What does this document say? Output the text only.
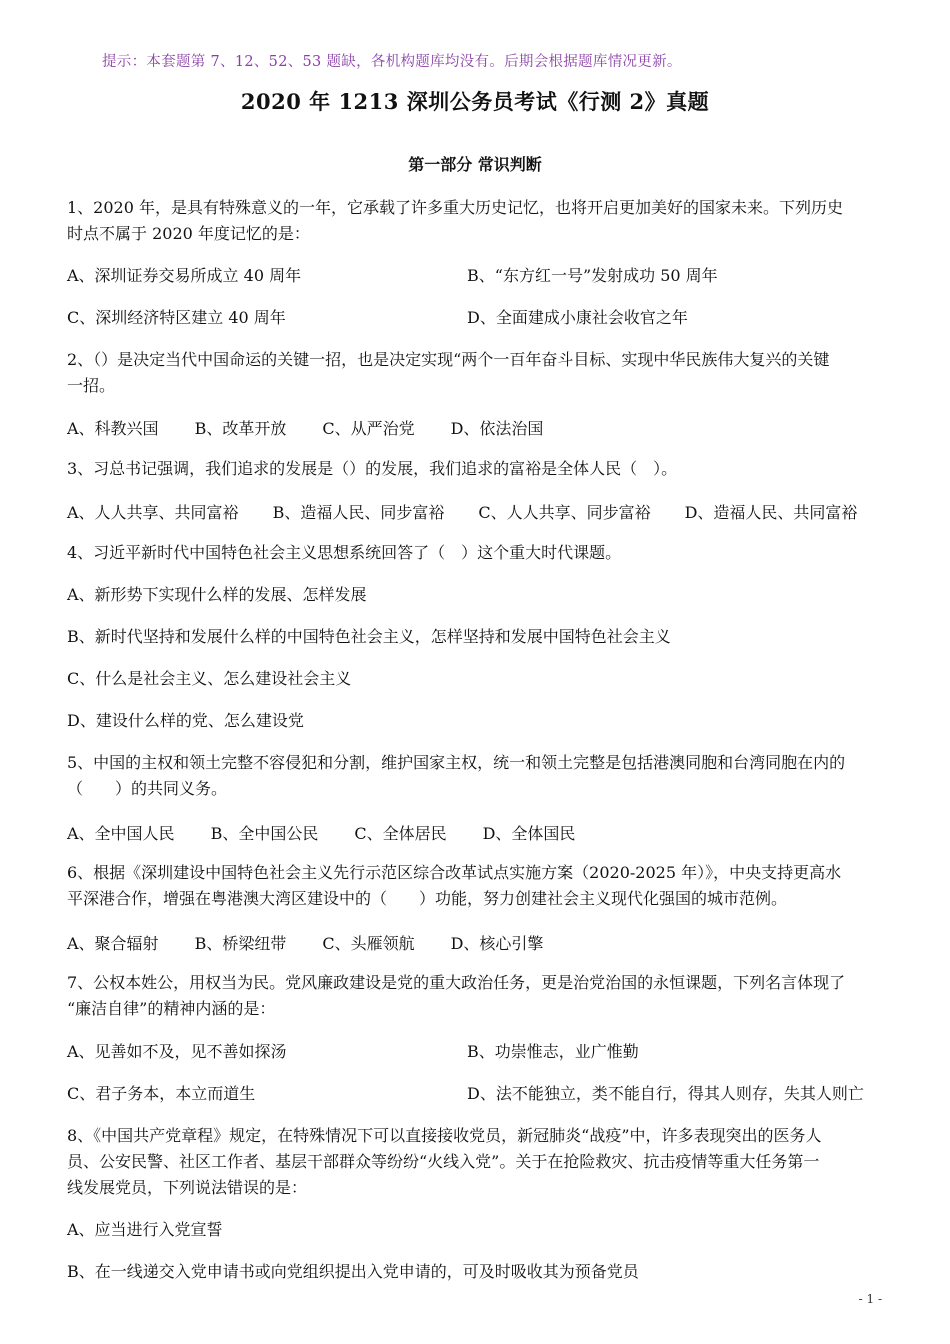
提示：本套题第 7、12、52、53 题缺，各机构题库均没有。后期会根据题库情况更新。
2020 年 1213 深圳公务员考试《行测 2》真题
第一部分 常识判断
1、2020 年，是具有特殊意义的一年，它承载了许多重大历史记忆，也将开启更加美好的国家未来。下列历史
时点不属于 2020 年度记忆的是：
A、深圳证券交易所成立 40 周年	B、“东方红一号”发射成功 50 周年
C、深圳经济特区建立 40 周年	D、全面建成小康社会收官之年
2、（）是决定当代中国命运的关键一招，也是决定实现“两个一百年奋斗目标、实现中华民族伟大复兴的关键
一招。
A、科教兴国 B、改革开放 C、从严治党 D、依法治国
3、习总书记强调，我们追求的发展是（）的发展，我们追求的富裕是全体人民（　）。
A、人人共享、共同富裕 B、造福人民、同步富裕 C、人人共享、同步富裕 D、造福人民、共同富裕
4、习近平新时代中国特色社会主义思想系统回答了（　）这个重大时代课题。
A、新形势下实现什么样的发展、怎样发展
B、新时代坚持和发展什么样的中国特色社会主义，怎样坚持和发展中国特色社会主义
C、什么是社会主义、怎么建设社会主义
D、建设什么样的党、怎么建设党
5、中国的主权和领土完整不容侵犯和分割，维护国家主权，统一和领土完整是包括港澳同胞和台湾同胞在内的
（　　）的共同义务。
A、全中国人民 B、全中国公民 C、全体居民 D、全体国民
6、根据《深圳建设中国特色社会主义先行示范区综合改革试点实施方案（2020-2025 年）》，中央支持更高水
平深港合作，增强在粤港澳大湾区建设中的（　　）功能，努力创建社会主义现代化强国的城市范例。
A、聚合辐射 B、桥梁纽带 C、头雁领航 D、核心引擎
7、公权本姓公，用权当为民。党风廉政建设是党的重大政治任务，更是治党治国的永恒课题，下列名言体现了
“廉洁自律”的精神内涵的是：
A、见善如不及，见不善如探汤	B、功崇惟志，业广惟勤
C、君子务本，本立而道生	D、法不能独立，类不能自行，得其人则存，失其人则亡
8、《中国共产党章程》规定，在特殊情况下可以直接接收党员，新冠肺炎“战疫”中，许多表现突出的医务人
员、公安民警、社区工作者、基层干部群众等纷纷“火线入党”。关于在抢险救灾、抗击疫情等重大任务第一
线发展党员，下列说法错误的是：
A、应当进行入党宣誓
B、在一线递交入党申请书或向党组织提出入党申请的，可及时吸收其为预备党员
- 1 -
